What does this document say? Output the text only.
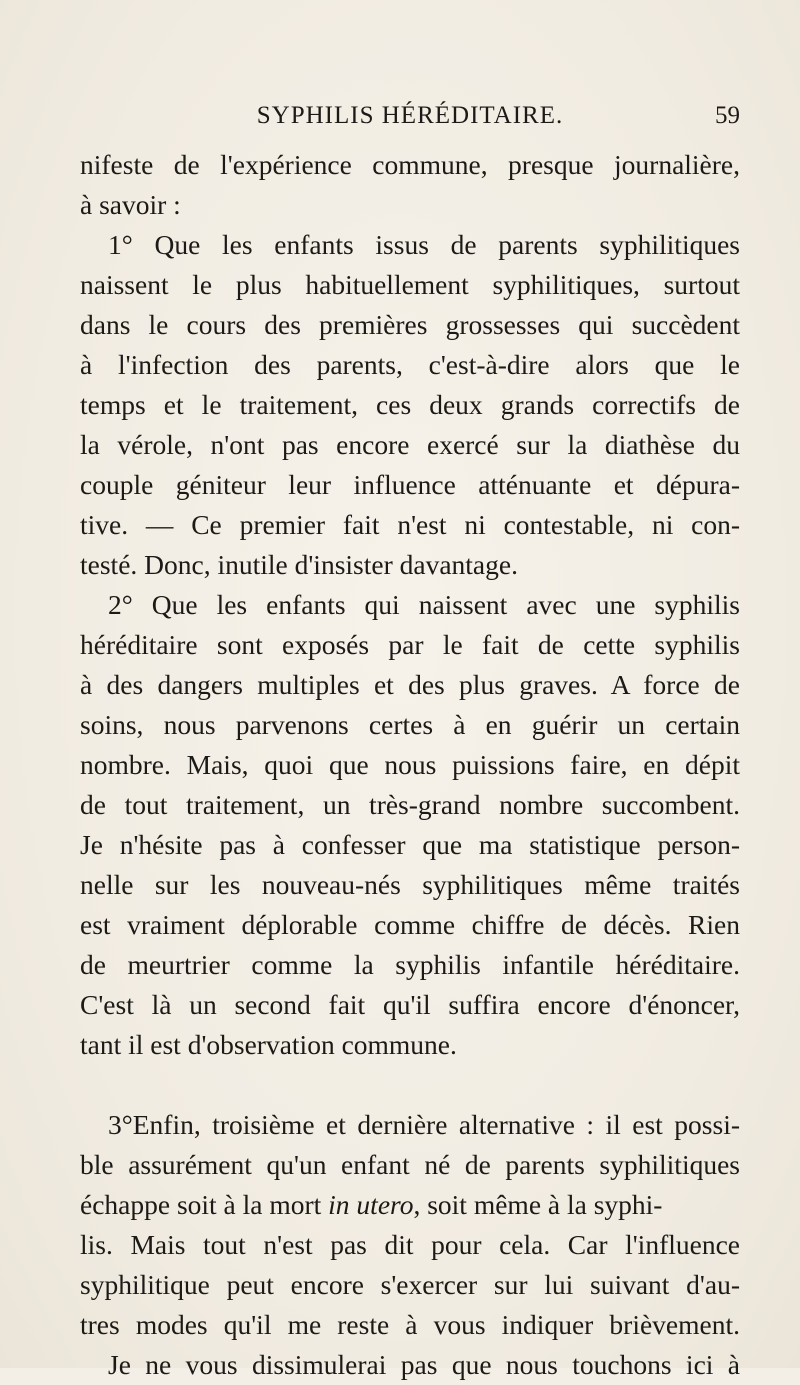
SYPHILIS HÉRÉDITAIRE.	59
nifeste de l'expérience commune, presque journalière,
à savoir :
1° Que les enfants issus de parents syphilitiques
naissent le plus habituellement syphilitiques, surtout
dans le cours des premières grossesses qui succèdent
à l'infection des parents, c'est-à-dire alors que le
temps et le traitement, ces deux grands correctifs de
la vérole, n'ont pas encore exercé sur la diathèse du
couple géniteur leur influence atténuante et dépura-
tive. — Ce premier fait n'est ni contestable, ni con-
testé. Donc, inutile d'insister davantage.
2° Que les enfants qui naissent avec une syphilis
héréditaire sont exposés par le fait de cette syphilis
à des dangers multiples et des plus graves. A force de
soins, nous parvenons certes à en guérir un certain
nombre. Mais, quoi que nous puissions faire, en dépit
de tout traitement, un très-grand nombre succombent.
Je n'hésite pas à confesser que ma statistique person-
nelle sur les nouveau-nés syphilitiques même traités
est vraiment déplorable comme chiffre de décès. Rien
de meurtrier comme la syphilis infantile héréditaire.
C'est là un second fait qu'il suffira encore d'énoncer,
tant il est d'observation commune.
3°Enfin, troisième et dernière alternative : il est possi-
ble assurément qu'un enfant né de parents syphilitiques
échappe soit à la mort in utero, soit même à la syphi-
lis. Mais tout n'est pas dit pour cela. Car l'influence
syphilitique peut encore s'exercer sur lui suivant d'au-
tres modes qu'il me reste à vous indiquer brièvement.
Je ne vous dissimulerai pas que nous touchons ici à
